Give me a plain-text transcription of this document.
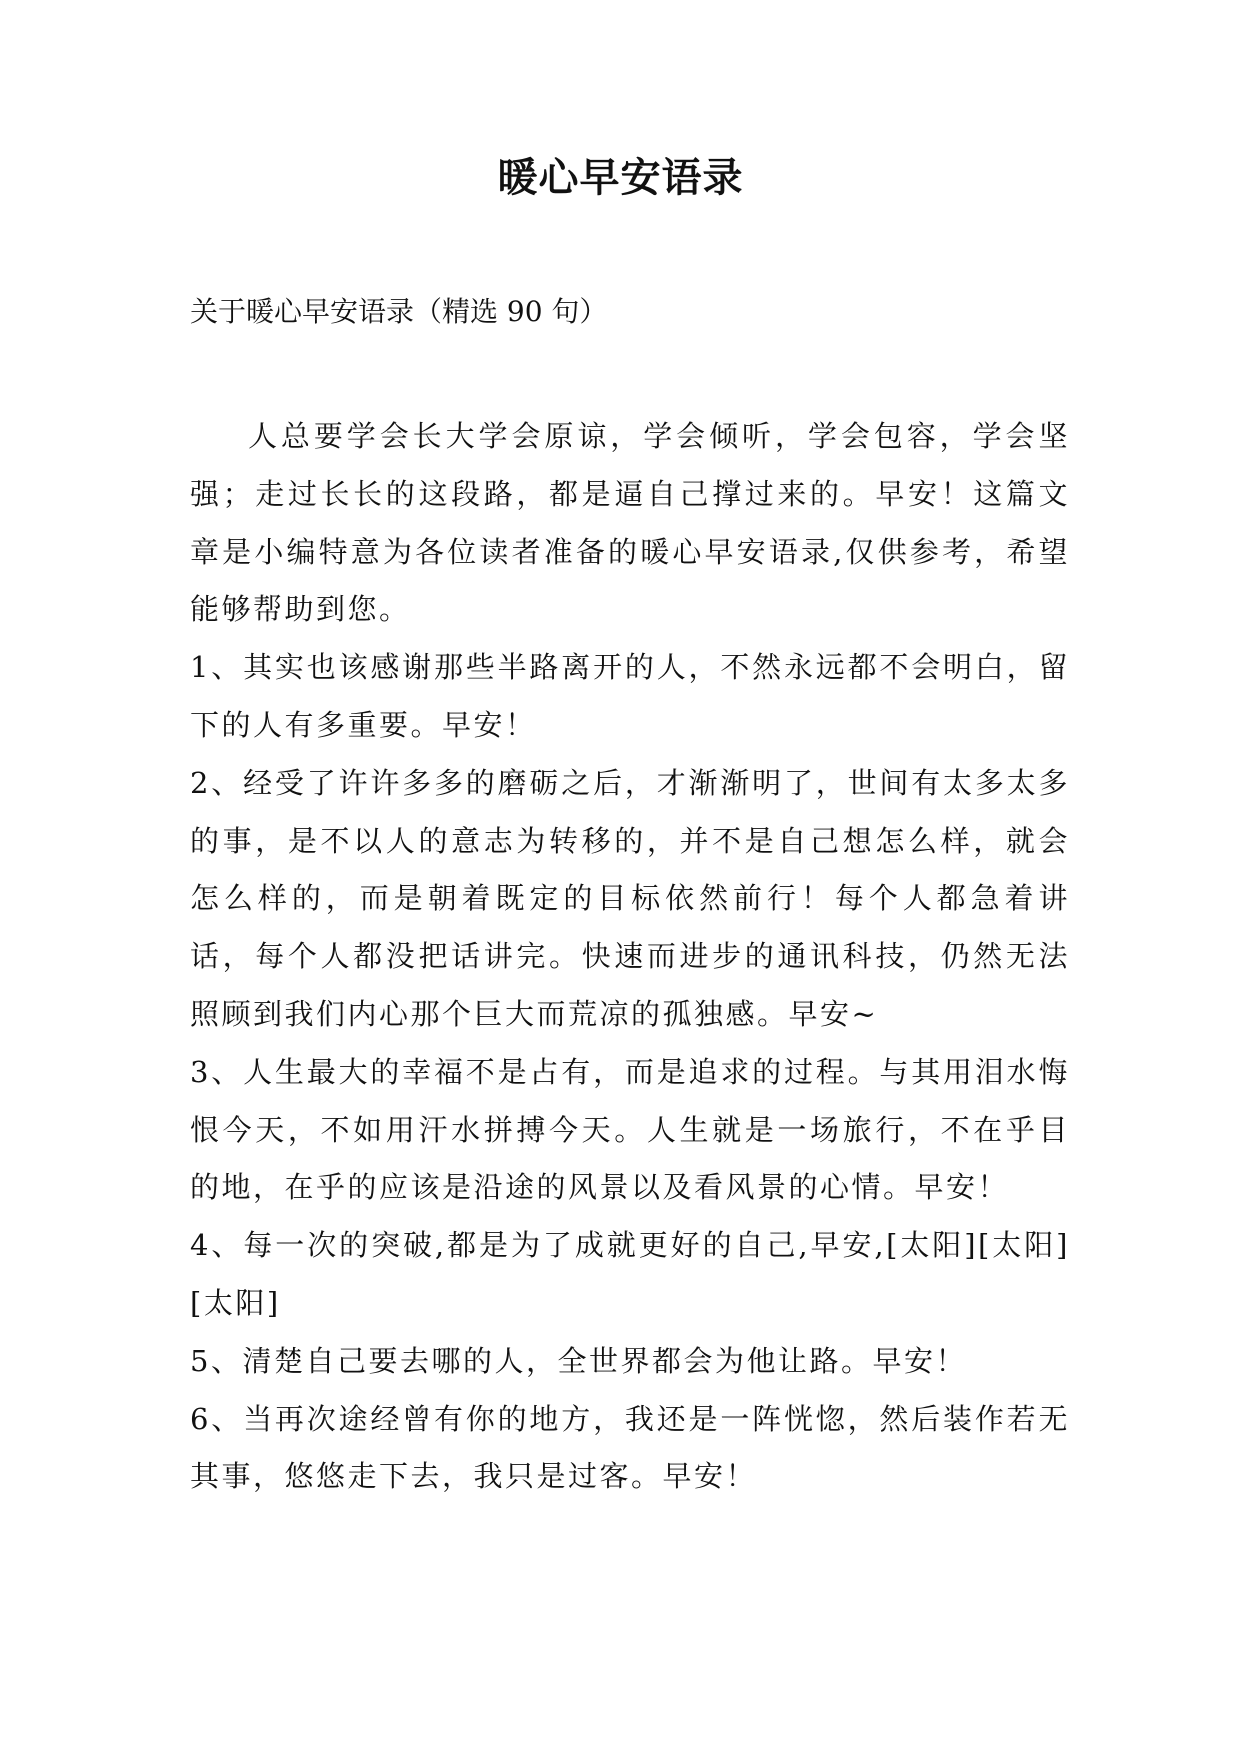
暖心早安语录
关于暖心早安语录（精选 90 句）

人总要学会长大学会原谅，学会倾听，学会包容，学会坚强；走过长长的这段路，都是逼自己撑过来的。早安！这篇文章是小编特意为各位读者准备的暖心早安语录,仅供参考，希望能够帮助到您。

1、其实也该感谢那些半路离开的人，不然永远都不会明白，留下的人有多重要。早安！

2、经受了许许多多的磨砺之后，才渐渐明了，世间有太多太多的事，是不以人的意志为转移的，并不是自己想怎么样，就会怎么样的，而是朝着既定的目标依然前行！每个人都急着讲话，每个人都没把话讲完。快速而进步的通讯科技，仍然无法照顾到我们内心那个巨大而荒凉的孤独感。早安~

3、人生最大的幸福不是占有，而是追求的过程。与其用泪水悔恨今天，不如用汗水拼搏今天。人生就是一场旅行，不在乎目的地，在乎的应该是沿途的风景以及看风景的心情。早安！

4、每一次的突破,都是为了成就更好的自己,早安,[太阳][太阳][太阳]

5、清楚自己要去哪的人，全世界都会为他让路。早安！

6、当再次途经曾有你的地方，我还是一阵恍惚，然后装作若无其事，悠悠走下去，我只是过客。早安！
